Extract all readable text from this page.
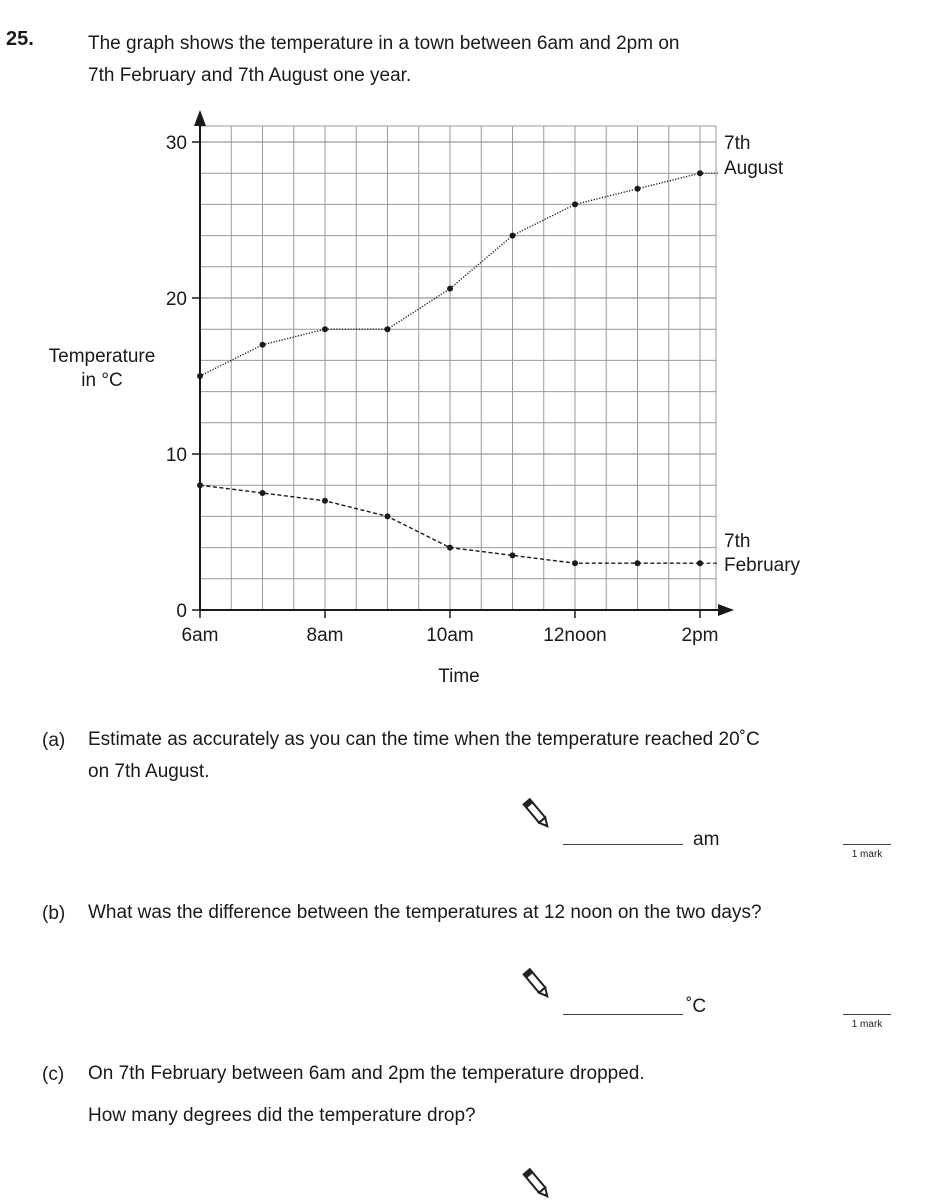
25.	The graph shows the temperature in a town between 6am and 2pm on
7th February and 7th August one year.
0
10
20
30
6am	8am	10am	12noon	2pm
Temperature
in °C
Time
7th
August
7th
February
(a) Estimate as accurately as you can the time when the temperature reached 20˚C
on 7th August.
am
1 mark
(b) What was the difference between the temperatures at 12 noon on the two days?
˚C
1 mark
(c) On 7th February between 6am and 2pm the temperature dropped.
How many degrees did the temperature drop?
